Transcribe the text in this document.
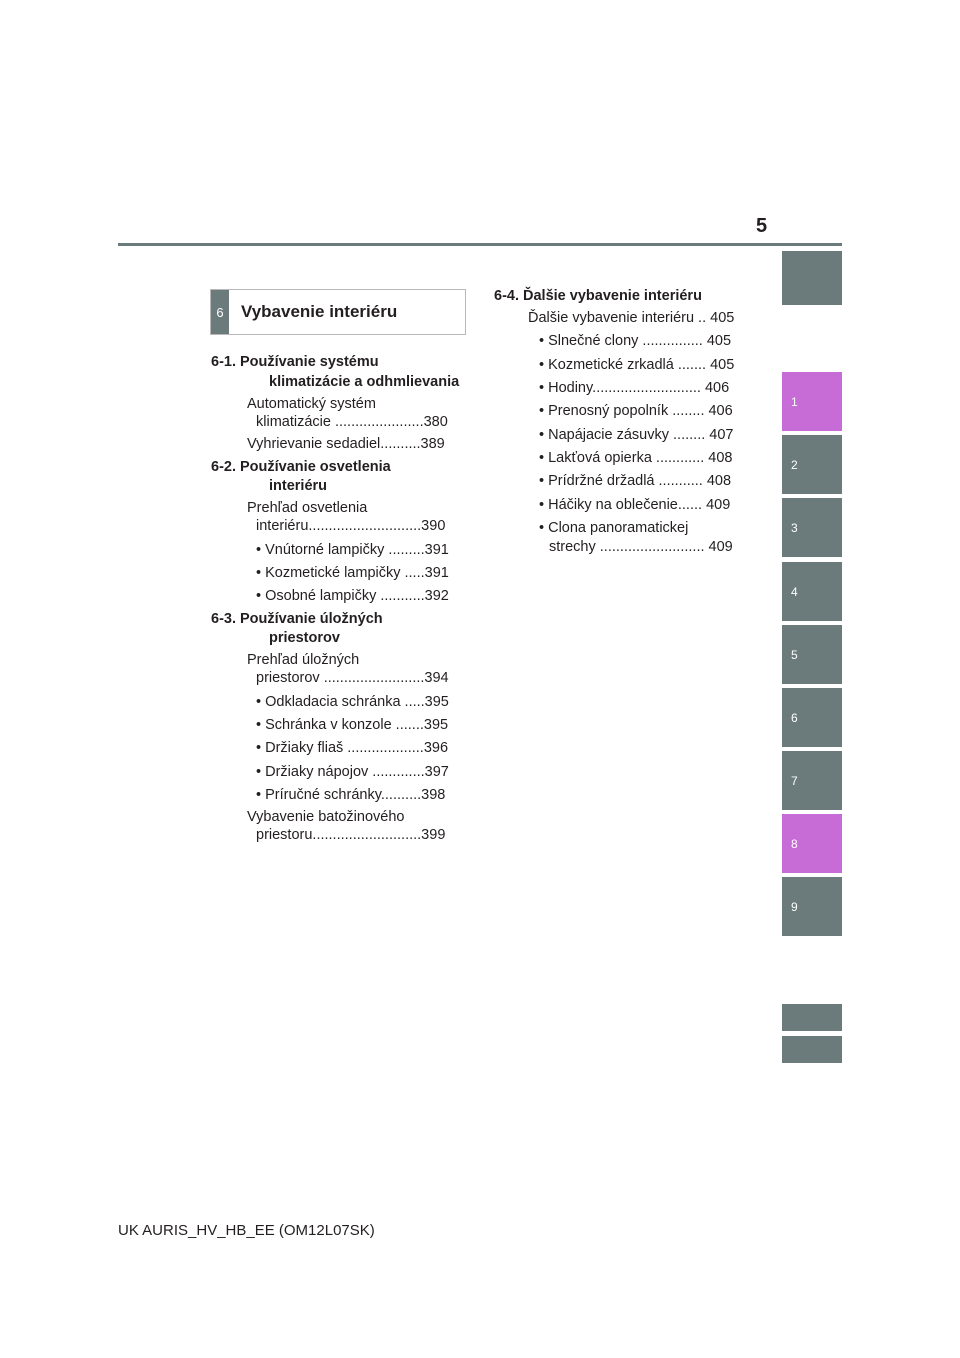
5
1
2
3
4
5
6
7
8
9
6	Vybavenie interiéru
6-1. Používanie systému
klimatizácie a odhmlievania
Automatický systém
klimatizácie ......................380
Vyhrievanie sedadiel..........389
6-2. Používanie osvetlenia
interiéru
Prehľad osvetlenia
interiéru............................390
• Vnútorné lampičky .........391
• Kozmetické lampičky .....391
• Osobné lampičky ...........392
6-3. Používanie úložných
priestorov
Prehľad úložných
priestorov .........................394
• Odkladacia schránka .....395
• Schránka v konzole .......395
• Držiaky fliaš ...................396
• Držiaky nápojov .............397
• Príručné schránky..........398
Vybavenie batožinového
priestoru...........................399
6-4. Ďalšie vybavenie interiéru
Ďalšie vybavenie interiéru .. 405
• Slnečné clony ............... 405
• Kozmetické zrkadlá ....... 405
• Hodiny........................... 406
• Prenosný popolník ........ 406
• Napájacie zásuvky ........ 407
• Lakťová opierka ............ 408
• Prídržné držadlá ........... 408
• Háčiky na oblečenie...... 409
• Clona panoramatickej
strechy .......................... 409
UK AURIS_HV_HB_EE (OM12L07SK)
